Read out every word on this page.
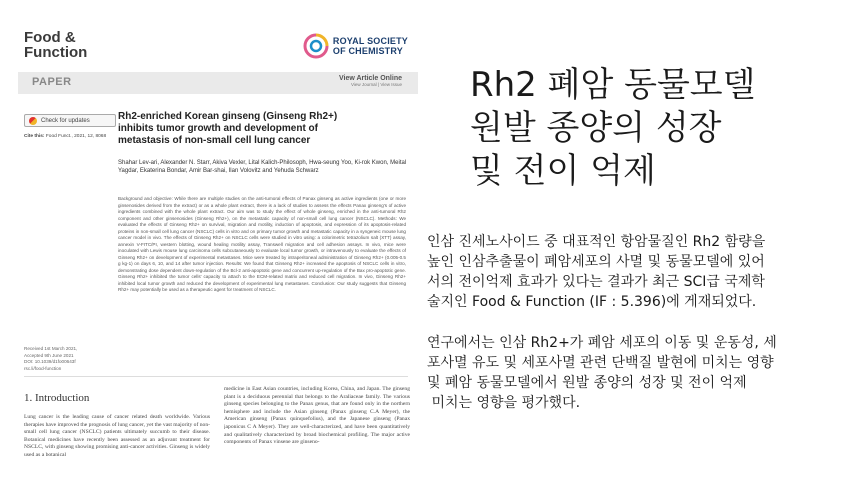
Food &
Function
ROYAL SOCIETY
OF CHEMISTRY
PAPER	View Article Online
View Journal | View Issue
Check for updates
Cite this: Food Funct., 2021, 12, 8068
Rh2-enriched Korean ginseng (Ginseng Rh2+)
inhibits tumor growth and development of
metastasis of non-small cell lung cancer
Shahar Lev-ari, Alexander N. Starr, Akiva Vexler, Lital Kalich-Philosoph, Hwa-seung Yoo, Ki-rok Kwon, Meital Yagdar, Ekaterina Bondar, Amir Bar-shai, Ilan Volovitz and Yehuda Schwarz
Background and objective: While there are multiple studies on the anti-tumoral effects of Panax ginseng as active ingredients (one or more ginsenosides derived from the extract) or as a whole plant extract, there is a lack of studies to assess the effects Panax ginseng's of active ingredients combined with the whole plant extract. Our aim was to study the effect of whole ginseng, enriched in the anti-tumoral Rh2 component and other ginsenosides (Ginseng Rh2+), on the metastatic capacity of non-small cell lung cancer (NSCLC). Methods: We evaluated the effects of Ginseng Rh2+ on survival, migration and motility, induction of apoptosis, and expression of its apoptosis-related proteins in non-small cell lung cancer (NSCLC) cells in vitro and on primary tumor growth and metastatic capacity in a syngeneic mouse lung cancer model in vivo. The effects of Ginseng Rh2+ on NSCLC cells were studied in vitro using: a colorimetric tetrazolium salt (XTT) assay, annexin V-FITC/PI, western blotting, wound healing motility assay, Transwell migration and cell adhesion assays. In vivo, mice were inoculated with Lewis mouse lung carcinoma cells subcutaneously to evaluate local tumor growth, or intravenously to evaluate the effects of Ginseng Rh2+ on development of experimental metastases. Mice were treated by intraperitoneal administration of Ginseng Rh2+ (0.005-0.5 g kg-1) on days 6, 10, and 14 after tumor injection. Results: We found that Ginseng Rh2+ increased the apoptosis of NSCLC cells in vitro, demonstrating dose dependent down-regulation of the Bcl-2 anti-apoptotic gene and concurrent up-regulation of the Bax pro-apoptotic gene. Ginseng Rh2+ inhibited the tumor cells' capacity to attach to the ECM-related matrix and reduced cell migration. In vivo, Ginseng Rh2+ inhibited local tumor growth and reduced the development of experimental lung metastases. Conclusion: Our study suggests that Ginseng Rh2+ may potentially be used as a therapeutic agent for treatment of NSCLC.
Received 1st March 2021,
Accepted 9th June 2021
DOI: 10.1039/d1fo00643f
rsc.li/food-function
1. Introduction
Lung cancer is the leading cause of cancer related death worldwide. Various therapies have improved the prognosis of lung cancer, yet the vast majority of non-small cell lung cancer (NSCLC) patients ultimately succumb to their disease. Botanical medicines have recently been assessed as an adjuvant treatment for NSCLC, with ginseng showing promising anti-cancer activities. Ginseng is widely used as a botanical
medicine in East Asian countries, including Korea, China, and Japan. The ginseng plant is a deciduous perennial that belongs to the Araliaceae family. The various ginseng species belonging to the Panax genus, that are found only in the northern hemisphere and include the Asian ginseng (Panax ginseng C.A Meyer), the American ginseng (Panax quinquefolius), and the Japanese ginseng (Panax japonicus C A Meyer). They are well-characterized, and have been quantitatively and qualitatively characterized by broad biochemical profiling. The major active components of Panax vinsene are ginseno-
Rh2 폐암 동물모델
원발 종양의 성장
및 전이 억제

인삼 진세노사이드 중 대표적인 항암물질인 Rh2 함량을
높인 인삼추출물이 폐암세포의 사멸 및 동물모델에 있어
서의 전이억제 효과가 있다는 결과가 최근 SCI급 국제학
술지인 Food & Function (IF : 5.396)에 게재되었다.

연구에서는 인삼 Rh2+가 폐암 세포의 이동 및 운동성, 세
포사멸 유도 및 세포사멸 관련 단백질 발현에 미치는 영향
및 폐암 동물모델에서 원발 종양의 성장 및 전이 억제
미치는 영향을 평가했다.
